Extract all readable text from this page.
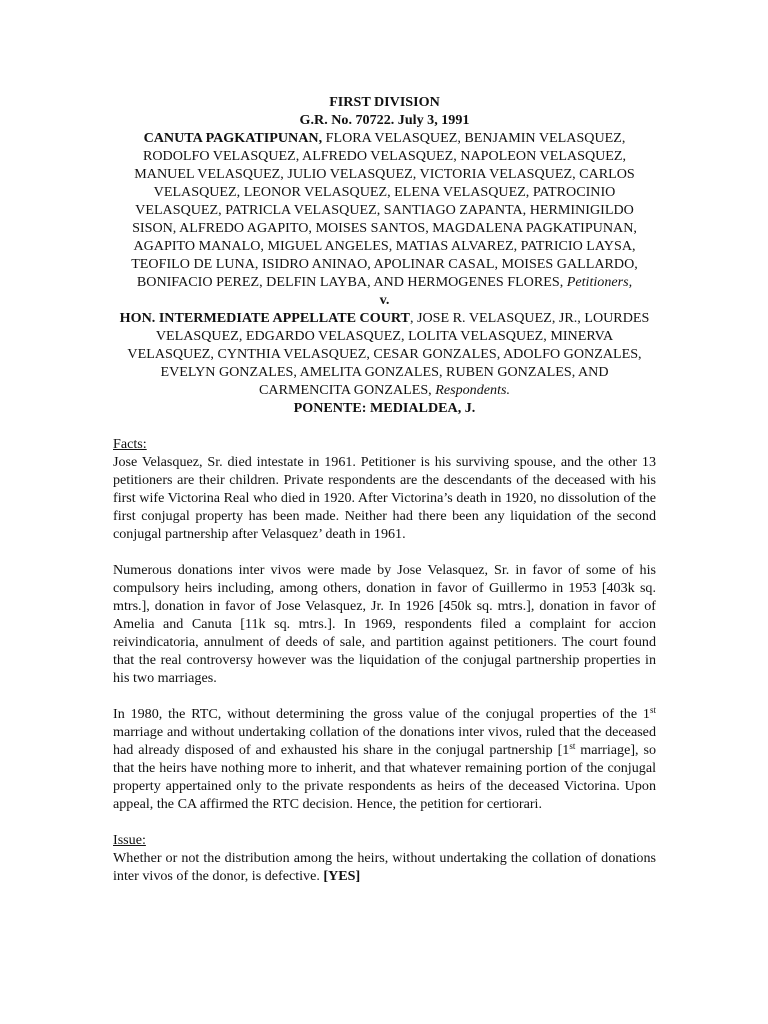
FIRST DIVISION
G.R. No. 70722. July 3, 1991
CANUTA PAGKATIPUNAN, FLORA VELASQUEZ, BENJAMIN VELASQUEZ, RODOLFO VELASQUEZ, ALFREDO VELASQUEZ, NAPOLEON VELASQUEZ, MANUEL VELASQUEZ, JULIO VELASQUEZ, VICTORIA VELASQUEZ, CARLOS VELASQUEZ, LEONOR VELASQUEZ, ELENA VELASQUEZ, PATROCINIO VELASQUEZ, PATRICLA VELASQUEZ, SANTIAGO ZAPANTA, HERMINIGILDO SISON, ALFREDO AGAPITO, MOISES SANTOS, MAGDALENA PAGKATIPUNAN, AGAPITO MANALO, MIGUEL ANGELES, MATIAS ALVAREZ, PATRICIO LAYSA, TEOFILO DE LUNA, ISIDRO ANINAO, APOLINAR CASAL, MOISES GALLARDO, BONIFACIO PEREZ, DELFIN LAYBA, AND HERMOGENES FLORES, Petitioners,
v.
HON. INTERMEDIATE APPELLATE COURT, JOSE R. VELASQUEZ, JR., LOURDES VELASQUEZ, EDGARDO VELASQUEZ, LOLITA VELASQUEZ, MINERVA VELASQUEZ, CYNTHIA VELASQUEZ, CESAR GONZALES, ADOLFO GONZALES, EVELYN GONZALES, AMELITA GONZALES, RUBEN GONZALES, AND CARMENCITA GONZALES, Respondents.
PONENTE: MEDIALDEA, J.
Facts:

Jose Velasquez, Sr. died intestate in 1961. Petitioner is his surviving spouse, and the other 13 petitioners are their children. Private respondents are the descendants of the deceased with his first wife Victorina Real who died in 1920. After Victorina’s death in 1920, no dissolution of the first conjugal property has been made. Neither had there been any liquidation of the second conjugal partnership after Velasquez’ death in 1961.

Numerous donations inter vivos were made by Jose Velasquez, Sr. in favor of some of his compulsory heirs including, among others, donation in favor of Guillermo in 1953 [403k sq. mtrs.], donation in favor of Jose Velasquez, Jr. In 1926 [450k sq. mtrs.], donation in favor of Amelia and Canuta [11k sq. mtrs.]. In 1969, respondents filed a complaint for accion reivindicatoria, annulment of deeds of sale, and partition against petitioners. The court found that the real controversy however was the liquidation of the conjugal partnership properties in his two marriages.

In 1980, the RTC, without determining the gross value of the conjugal properties of the 1st marriage and without undertaking collation of the donations inter vivos, ruled that the deceased had already disposed of and exhausted his share in the conjugal partnership [1st marriage], so that the heirs have nothing more to inherit, and that whatever remaining portion of the conjugal property appertained only to the private respondents as heirs of the deceased Victorina. Upon appeal, the CA affirmed the RTC decision. Hence, the petition for certiorari.

Issue:

Whether or not the distribution among the heirs, without undertaking the collation of donations inter vivos of the donor, is defective. [YES]
